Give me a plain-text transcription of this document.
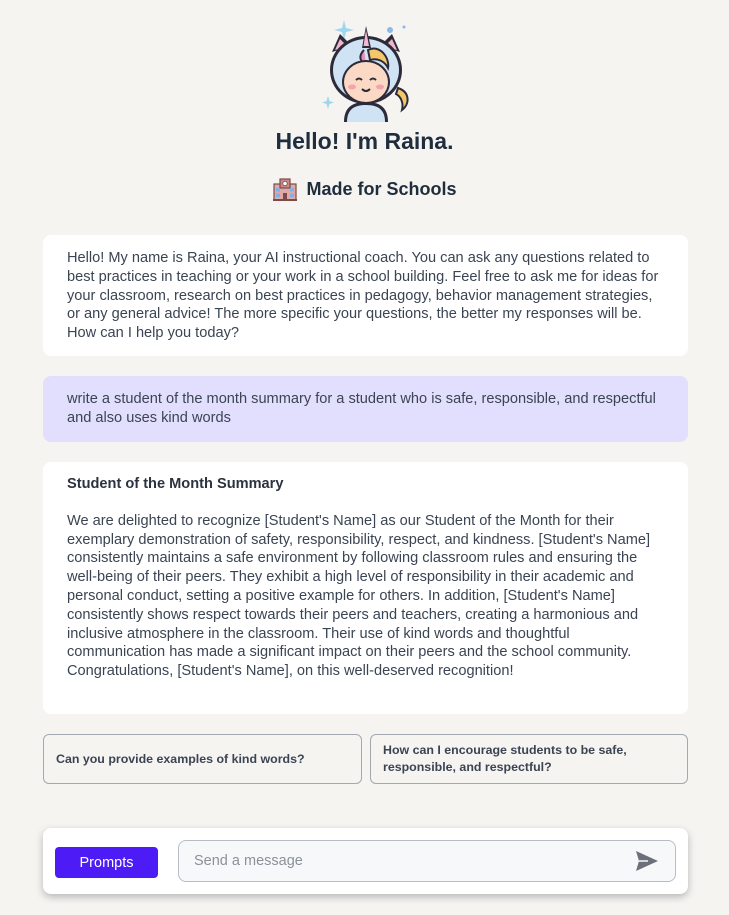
Hello! I'm Raina.
Made for Schools
Hello! My name is Raina, your AI instructional coach. You can ask any questions related to best practices in teaching or your work in a school building. Feel free to ask me for ideas for your classroom, research on best practices in pedagogy, behavior management strategies, or any general advice! The more specific your questions, the better my responses will be. How can I help you today?
write a student of the month summary for a student who is safe, responsible, and respectful and also uses kind words
Student of the Month Summary
We are delighted to recognize [Student's Name] as our Student of the Month for their exemplary demonstration of safety, responsibility, respect, and kindness. [Student's Name] consistently maintains a safe environment by following classroom rules and ensuring the well-being of their peers. They exhibit a high level of responsibility in their academic and personal conduct, setting a positive example for others. In addition, [Student's Name] consistently shows respect towards their peers and teachers, creating a harmonious and inclusive atmosphere in the classroom. Their use of kind words and thoughtful communication has made a significant impact on their peers and the school community. Congratulations, [Student's Name], on this well-deserved recognition!
Can you provide examples of kind words?
How can I encourage students to be safe, responsible, and respectful?
Prompts
Send a message
